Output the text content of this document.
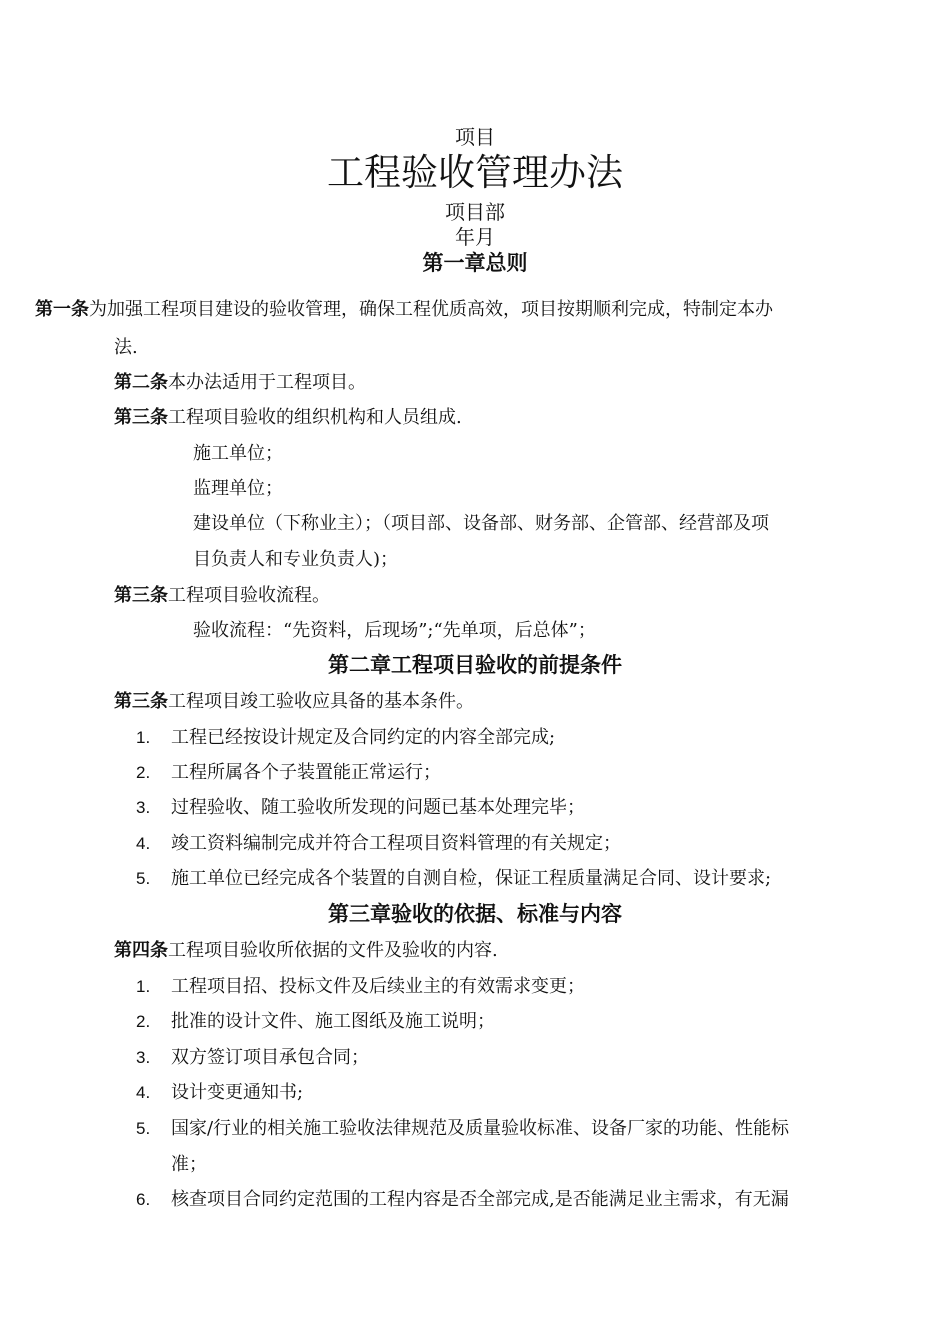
项目
工程验收管理办法
项目部
年月
第一章总则
第一条为加强工程项目建设的验收管理，确保工程优质高效，项目按期顺利完成，特制定本办
法.
第二条本办法适用于工程项目。
第三条工程项目验收的组织机构和人员组成.
施工单位；
监理单位；
建设单位（下称业主）；（项目部、设备部、财务部、企管部、经营部及项
目负责人和专业负责人)；
第三条工程项目验收流程。
验收流程：“先资料，后现场”;“先单项，后总体”；
第二章工程项目验收的前提条件
第三条工程项目竣工验收应具备的基本条件。
1. 工程已经按设计规定及合同约定的内容全部完成;
2. 工程所属各个子装置能正常运行；
3. 过程验收、随工验收所发现的问题已基本处理完毕；
4. 竣工资料编制完成并符合工程项目资料管理的有关规定；
5. 施工单位已经完成各个装置的自测自检，保证工程质量满足合同、设计要求;
第三章验收的依据、标准与内容
第四条工程项目验收所依据的文件及验收的内容.
1. 工程项目招、投标文件及后续业主的有效需求变更；
2. 批准的设计文件、施工图纸及施工说明；
3. 双方签订项目承包合同；
4. 设计变更通知书;
5. 国家/行业的相关施工验收法律规范及质量验收标准、设备厂家的功能、性能标
准；
6. 核查项目合同约定范围的工程内容是否全部完成,是否能满足业主需求，有无漏
